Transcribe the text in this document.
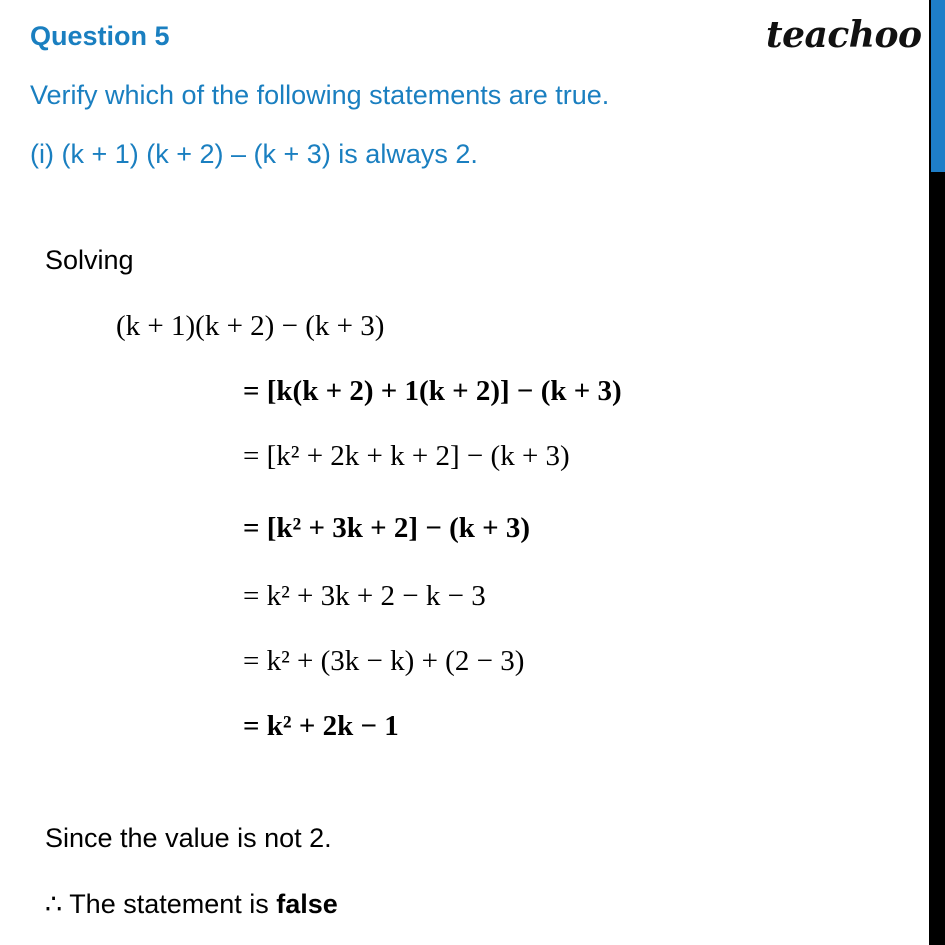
Question 5	teachoo
Verify which of the following statements are true.
(i) (k + 1) (k + 2) – (k + 3) is always 2.
Solving
(k + 1)(k + 2) − (k + 3)
= [k(k + 2) + 1(k + 2)] − (k + 3)
= [k² + 2k + k + 2] − (k + 3)
= [k² + 3k + 2] − (k + 3)
= k² + 3k + 2 − k − 3
= k² + (3k − k) + (2 − 3)
= k² + 2k − 1
Since the value is not 2.
∴ The statement is false
